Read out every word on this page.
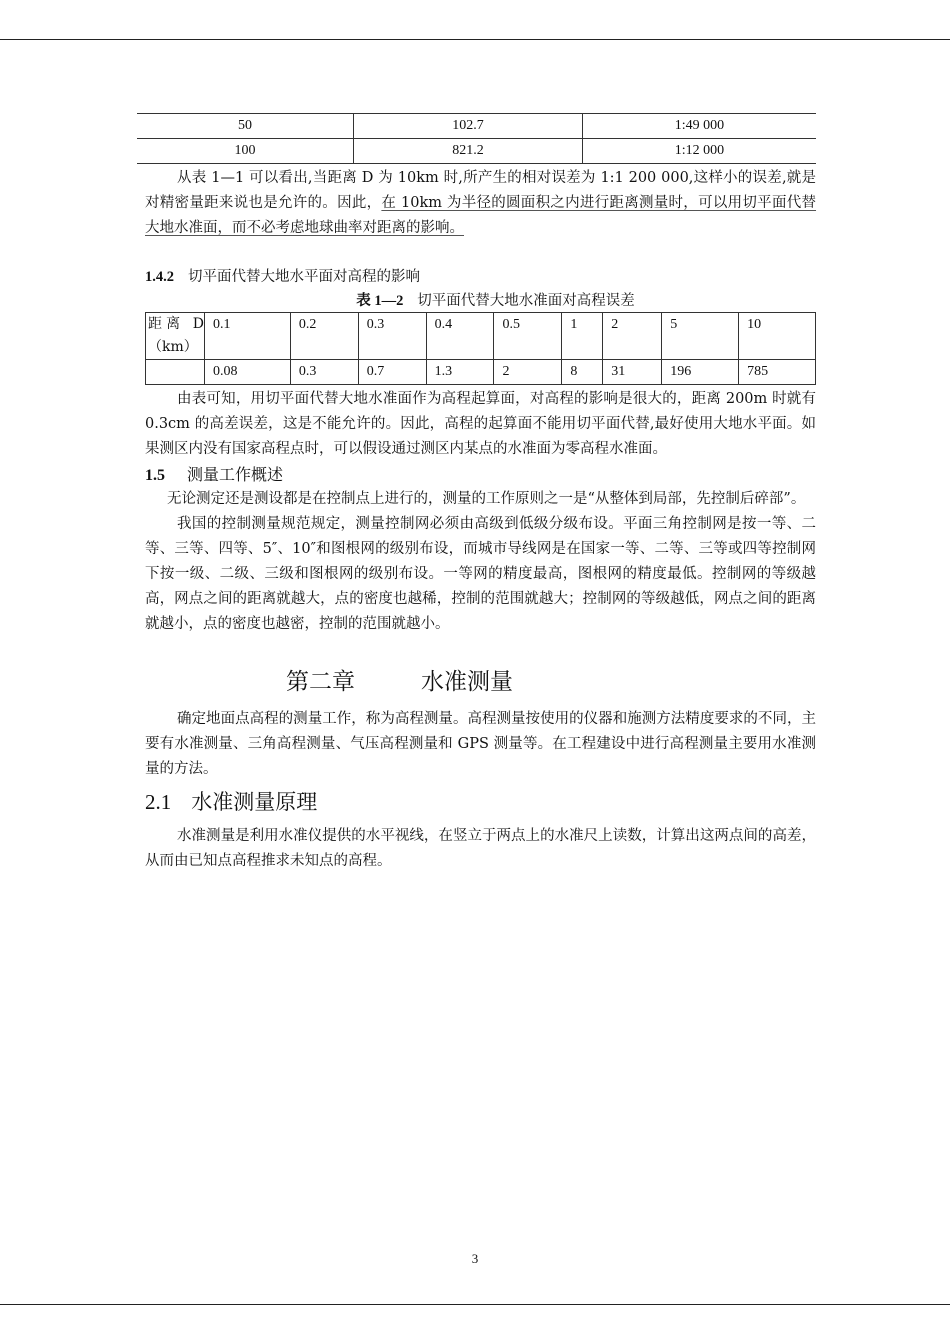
50	102.7	1:49 000
100	821.2	1:12 000

从表 1—1 可以看出,当距离 D 为 10km 时,所产生的相对误差为 1:1 200 000,这样小的误差,就是对精密量距来说也是允许的。因此，在 10km 为半径的圆面积之内进行距离测量时，可以用切平面代替大地水准面，而不必考虑地球曲率对距离的影响。

1.4.2 切平面代替大地水平面对高程的影响
表 1—2 切平面代替大地水准面对高程误差
距离 D（km）	0.1	0.2	0.3	0.4	0.5	1	2	5	10
	0.08	0.3	0.7	1.3	2	8	31	196	785

由表可知，用切平面代替大地水准面作为高程起算面，对高程的影响是很大的，距离 200m 时就有 0.3cm 的高差误差，这是不能允许的。因此，高程的起算面不能用切平面代替,最好使用大地水平面。如果测区内没有国家高程点时，可以假设通过测区内某点的水准面为零高程水准面。

1.5 测量工作概述

无论测定还是测设都是在控制点上进行的，测量的工作原则之一是“从整体到局部，先控制后碎部”。

我国的控制测量规范规定，测量控制网必须由高级到低级分级布设。平面三角控制网是按一等、二等、三等、四等、5″、10″和图根网的级别布设，而城市导线网是在国家一等、二等、三等或四等控制网下按一级、二级、三级和图根网的级别布设。一等网的精度最高，图根网的精度最低。控制网的等级越高，网点之间的距离就越大，点的密度也越稀，控制的范围就越大；控制网的等级越低，网点之间的距离就越小，点的密度也越密，控制的范围就越小。

第二章	水准测量

确定地面点高程的测量工作，称为高程测量。高程测量按使用的仪器和施测方法精度要求的不同，主要有水准测量、三角高程测量、气压高程测量和 GPS 测量等。在工程建设中进行高程测量主要用水准测量的方法。

2.1 水准测量原理

水准测量是利用水准仪提供的水平视线，在竖立于两点上的水准尺上读数，计算出这两点间的高差，从而由已知点高程推求未知点的高程。

3
